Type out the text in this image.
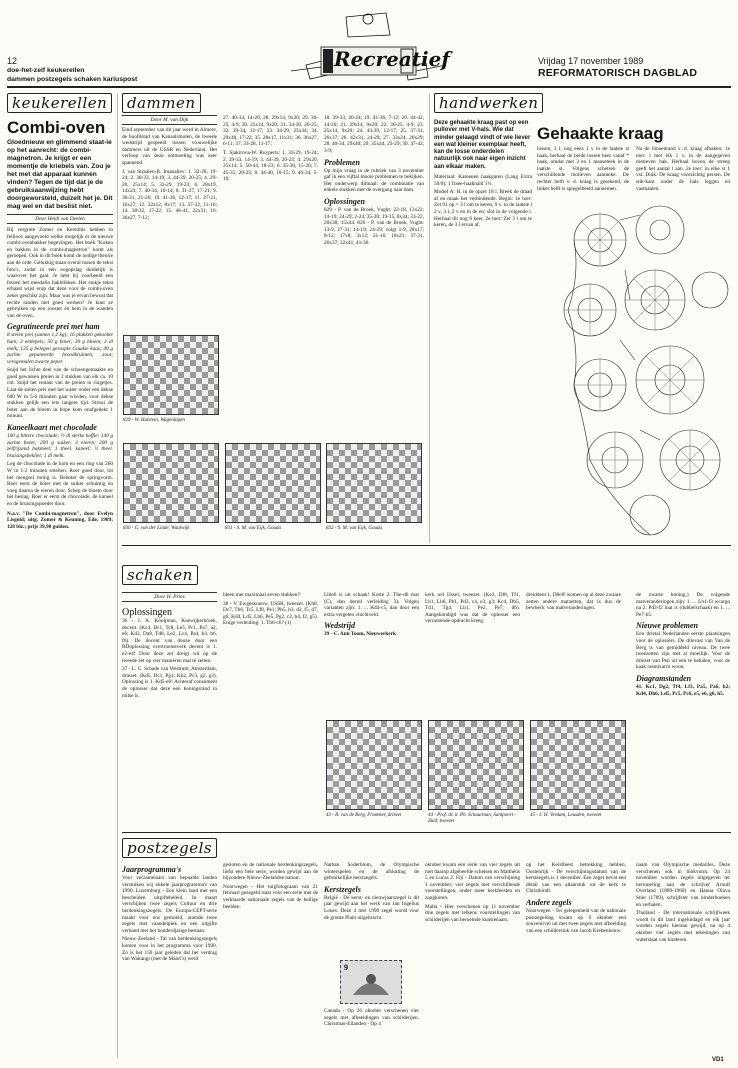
12
doe-het-zelf keukerellen
dammen postzegels schaken kariuspost
Recreatief	Vrijdag 17 november 1989
REFORMATORISCH DAGBLAD
keukerellen
Combi-oven
Gloednieuw en glimmend staat-ie op het aanrecht: de combi-magnetron. Je krijgt er een momentje de kriebels van. Zou je het met dat apparaat kunnen vinden? Tegen de tijd dat je de gebruiksaanwijzing hebt doorgeworsteld, duizelt het je. Dit mag wel en dat beslist niet.
Door Heidi van Deelen
Bij vergrote Zomer en Kerstmis hebben in feilloos aangevoeld welke mogelijk er de nieuwe combi-ovenbakker begevingen. Het boek "Koken en bakken in de combi-magnetron" komt als geroepen. Ook in dit boek komt de nodige theorie aan de orde. Gelukkig staan overal tussen de tekst foto's, zodat in één oogopslag duidelijk is waarover het gaat. Je hebt bij voorbeeld een fotoen het mesdalin bakblikken. Het stukje tekst erbaast wijst erop dat deze voor de combi-oven zeker geschikt zijn. Maar was je ervan bewust dat rechte randen niet goed werken? Je kunt ze gebruiken op een rooster en hem in de wanden van de oven.
Gegratineerde prei met ham
8 stelen prei (samen 1,2 kg); 16 plakken gekookte ham; 3 eetlepels; 50 g boter; 30 g bloem; 2 dl melk; 125 g belegen geraspte Goudse kaas; 40 g zachte gepaneerde broodkruimen; zout; versgemalen zwarte peper.
Snijd het lichte deel van de schoongemaakte en goed gewassen preien in 2 stukken van elk ca. 10 cm. Snijd het restant van de preien in ringetjes. Laat de stelen prei met het water onder een dekse 600 W in 5-6 minuten gaar worden, voor dekse stukken gelijk een iets langere tijd. Strooi de boter aan de bloem in hope kom onafgedekt 1 minuut.
Kaneelkaart met chocolade
100 g bittere chocolade; ½ dl sterke koffie; 140 g zachte boter; 200 g suiker; 3 eieren; 200 g zelfrijzend bakmeel; 1 theel. kaneel; ½ theel. bruisingsbekliet; 1 dl melk.
Leg de chocolade in de kom en een ring van 260 W in 1-2 minuten smelten. Roer goed door, tot het mengsel romig is. Beboter de springvorm. Roer eerst de boter met de suiker schuimig en voeg daarna de eieren door. Schep de bloem door het beslag. Roer er eerst de chocolade, de kaneel en de bruisingspoeder door.
N.a.v. "De Combi-magnetron", door Evelyn Lisgold; uitg. Zomer & Keuning, Ede, 1989; 128 blz.; prijs 39,90 gulden.
dammen
Door M. van Dijk
Eind september van dit jaar werd in Almere, de hoofdstad van Kanaalsmolen, de tweede wedstrijd gespeeld tussen vrouwelijke dammers uit de USSR en Nederland. Het verloop van deze ontmoeting was zeer spannend.
J. van Straalen-B. Imanaliev: 1. 32-28, 19-24; 2. 38-33, 14-19; 3. 44-39, 20-25; 4. 29-20, 25x14; 5. 33-29, 19-23; 6. 28x19, 14x23; 7. 40-34, 10-14; 8. 31-27, 17-21; 9. 36-31, 21-26; 10. 41-36, 12-17; 11. 27-21, 16x27; 12. 32x12, 8x17; 13. 37-32, 11-16; 14. 38-32, 17-22; 15. 46-41, 22x31; 16. 36x27, 7-12;
27. 40-34, 14-20; 28. 29x14, 9x20; 29. 30-25, 4-9; 30. 25x14, 9x20; 31. 34-30, 20-25; 32. 39-34, 12-17; 33. 34-29, 25x34; 34. 29x40, 17-22; 35. 28x17, 11x31; 36. 36x27, 6-11; 37. 33-28, 11-17;
T. Sjakirova-W. Ruyperts: 1. 33-29, 19-24; 2. 39-33, 14-19; 3. 44-39, 20-25; 4. 29x20, 25x14; 5. 50-44, 18-23; 6. 35-30, 15-20; 7. 45-35, 20-25; 8. 44-40, 10-15; 9. 40-34, 5-10;
18. 39-33, 20-24; 19. 41-36, 7-12; 20. 44-42, 14-20; 21. 29x14, 9x20; 22. 30-25, 4-9; 23. 25x14, 9x20; 24. 43-39, 12-17; 25. 37-31, 26x37; 26. 42x31, 24-29; 27. 33x24, 20x29; 28. 40-34, 29x40; 29. 35x44, 23-29; 30. 47-42, 3-9;
Problemen
Op mijn vraag in de rubriek van 3 november gaf ik een vijftal mooie problemen te bekijken. Het onderwerp ditmaal: de combinatie van enkele stukken met de overgang naar dam.
Oplossingen
829 - P. van de Broek, Vught: 22-18, 13x22; 14-19; 24-29; 2-24, 35-20; 19-15, 8x34; 33-22, 20x38; 15x44. 826 - P. van de Broek, Vught: 13-9, 27-31; 14-19; 24-29; volgt 1-9, 28x17; 8-12; 17x8; 3x12; 21-16, 10x21; 37-31, 26x37; 32x41, 41-36.
829 - W. Hulstein, Wageningen
830 - G. van der Linde, Waalwijk	831 - S. M. van Eijk, Gouda	832 - S. M. van Eijk, Gouda
handwerken
Deze gehaakte kraag past op een pullover met V-hals. Wie dat minder gelaagd vindt of wie liever een wat kleiner exemplaar heeft, kan de losse onderdelen natuurlijk ook naar eigen inzicht aan elkaar maken.
Materiaal: Katoenen haakgaren (Lang Extra 50/8); 1 fixee-haaknald 1½.
Motief A: H. in de opzet 18 l. Breek de draad af en maak het verbindende. Begin: 1e toer: Zet 91 op = 3 l om te keren, 9 v. in de laatste l 2 v, 3 l, 2 v en in de en: slot in de volgende l. Herhaal dit nog 6 keer. 2e toer: Zet 3 l om te keren, de 3 l ervan af.
Gehaakte kraag
lossen, 3 l, nog eens 1 v in de laatste st haak, herhaal de beide lossen keer vanaf * haak, omdat met 3 en 1 maaseteek in de laatste st. Volgens schetsen de verschillende motieven aanmeke. De rechter helft v. d. kraag is gesekend, de linker helft is spiegelbeeld aannemen.
Na de binnenrand v. d. kraag afhaken: 1e toer: l met elk 1 v. in de aangegeven motieven hak. Herhaal boven de streep geeft het aantal l aan. 2e toer: in elke st 1 vst. Duik. De kraag voorzichtig persen. De stik-kant onder de hals leggen en vastnaaien.
schaken
Door H. Prins
Oplossingen
36 - J. A. Kooijman, Koewijkerbroek, docent. (Kc4, Dc1, Tc8, Le5, Pc1, Pa7, a2, e6; Kd3, Da8, Td8, Le2, Lc4, Pa4, b3, b6, f6). De docent van dooze door een RDoplossing overtroenstverk decent is 1. e2-e4! Door deze zet dreigt wit op de tweede zet op vier manieren mat te zetten.
37 - L. C. Schade van Westrum, Amsterdam, driezet. (Kd5, Dc1, Pg1; Kh2, Pc3, g2, g3). Oplossing is 1. Kd5-e6! Achteraf consument de oplosser dat deze een koningsrand in mitse is.
hleen met maximaal zeven stukken!!
38 - V. Ewgeskunow, USSR, tweezet. (Kh8, Dc7, Tb6, Tc5, Lf8, Pe1; Pb5, b3, d2, f5, d7, g6; Kd4, Ld5, Lh6, Pe5, Pg2, c2, b4, f2, g5). Enige verleiding: 1. Tb6-c6? (1)
Lhle6 is uit schaak! Korte 2. The-d6 mat (C), dan derrel verleiding 3). Volgen varianten zijn: 1. ... Kd4-c5, dan door een extra vergeten vluchtveld.
Wedstrijd
39 - C. Ann Toom, Nieuwerkerk
kerk a/d IJssel, tweezet. (Ke3, Dl8, Tf1, Lh1, Lh6, Pb1, Pd3, c4, e3, g3; Kc4, Db5, Td1, Tg4, Lb1, Pe2, Pe7, d6). Aangekondigd was dat de oplosser een verrassende opdracht kreeg.
dreiddent 1. D8c8! komen op al deze zwaare zetten andere matzetten, dat is dus de bewherlc van matveranderingen.
de zwarte koning.) De volgende matveranderingen zijn: 1. ... Lh1-f3 wcargo na 2. Pd3-f2 mat is (dubbelschaak) en 1. ... Pe7-b5.
Nieuwe problemen
Een drietal Nederlandse eerste plaatsingen voor de oplossers. De drievast van Van de Berg is van gemiddeld niveau. De twee tweezetten zijn met al moeilijk. Voor de driezet van Pen uit een te behalen, voor de kaak rasmixarrn woon.
Diagramstanden
41. Kc1, Dg2, Tf4, Lf3, Pa5, Pa6, b2; Kd4, Dh6, Ld5, Pc5, Pc6, e5, e6, g6, h5.
43 - R. van de Berg, Franeker, driezet	44 - Prof. dr. ir. Ph. Schuurman, Santpoort - Zuid, tweezet
45 - J. H. Verdam, Leusden, tweezet
postzegels
Jaarprogramma's
Voor verzamelaars van bepaalde landen verstuiken wij enkele jaarprogramma's van 1990. Luxemburg - Een klein land met een bescheiden uitgiftebeleid. In maart verschijnen twee zegels Cultuur en drie herdenkingszegels. De Europa-CEPT-serie maakt voor ons gemoeid, aramde twee zegels met vaandelpiek en een uitgifte verband met het honderdjarige bestaan.
Nieuw-Zeeland - Tal van herdenkingszegels komen voor in het programma voor 1990. Zo is het 150 jaar geleden dat het verdrag van Waitangi (met de Maori's) werd
gesloten en de nationale herdenkingszegels, liefst een hele serie, worden gewijd aan de bijzondere Nieuw-Zeelandse natuur.
Noorwegen - Het tuigfotograam van 21 februari gezegeld staat voor een serie met de verklaarde nationaale zegels van de heilige beelden.
Nathan Soderblom, de Olympische winterspelen en de afsluiting de gebruikelijke kerstzegels.
Kerstzegels
België - De kerst- en nieuwjaarszegel is dit jaar gewijd aan het werk van Jan Ingelius Loues. Deze 4 mei 1990 zegel wordt voor de groote Plain uitgebracht.
9
Canada - Op 26 oktober verschenen vier zegels met afbeeldingen van schilderijen. Christmas-Eilanden - Op 4
oktober kwam een serie van vier zegels uit met daarop afgebeelde schetsen en Matthéüs 5 en Lucas 2. Fiji - Datum van verschijning 1 november; vier zegels met verschillende voorstellingen, onder meer kerkfeesten en zangkoren.
Malta - Hier verschenen op 11 november drie zegels met telkens voorstellingen van schilderijen van beroemde kunstenaars.
op het Kerstfeest betrekking hebben. Oostenrijk - De verschijningsdatum van de kerstzegels is 1 december. Een zegel bevat een detail van een altaarstuk uit de kerk te Christkindl.
Andere zegels
Noorwegen - Ter gelegenheid van de nationale postzegeldag kwam op 6 oktober een souvenirvel uit met twee zegels met afbeelding van een schilderstuk van Jacob Krebenhouw.
naam van Olympische medailles. Deze verschenen ook in blokvorm. Op 24 november worden zegels uitgegeven ter herinnering aan de schrijver Arnulf Overland (1889-1968) en Hanna Olava Stier (1789), schrijfster van kinderboeken en verhalen.
Thailand - De internationale schrijfweek wordt in dit land ingeluidagd en elk jaar worden zegels hieraan gewijd, nu op 4 oktober vier zegels met tekeningen van waterstaat van kinderen.
VD1
